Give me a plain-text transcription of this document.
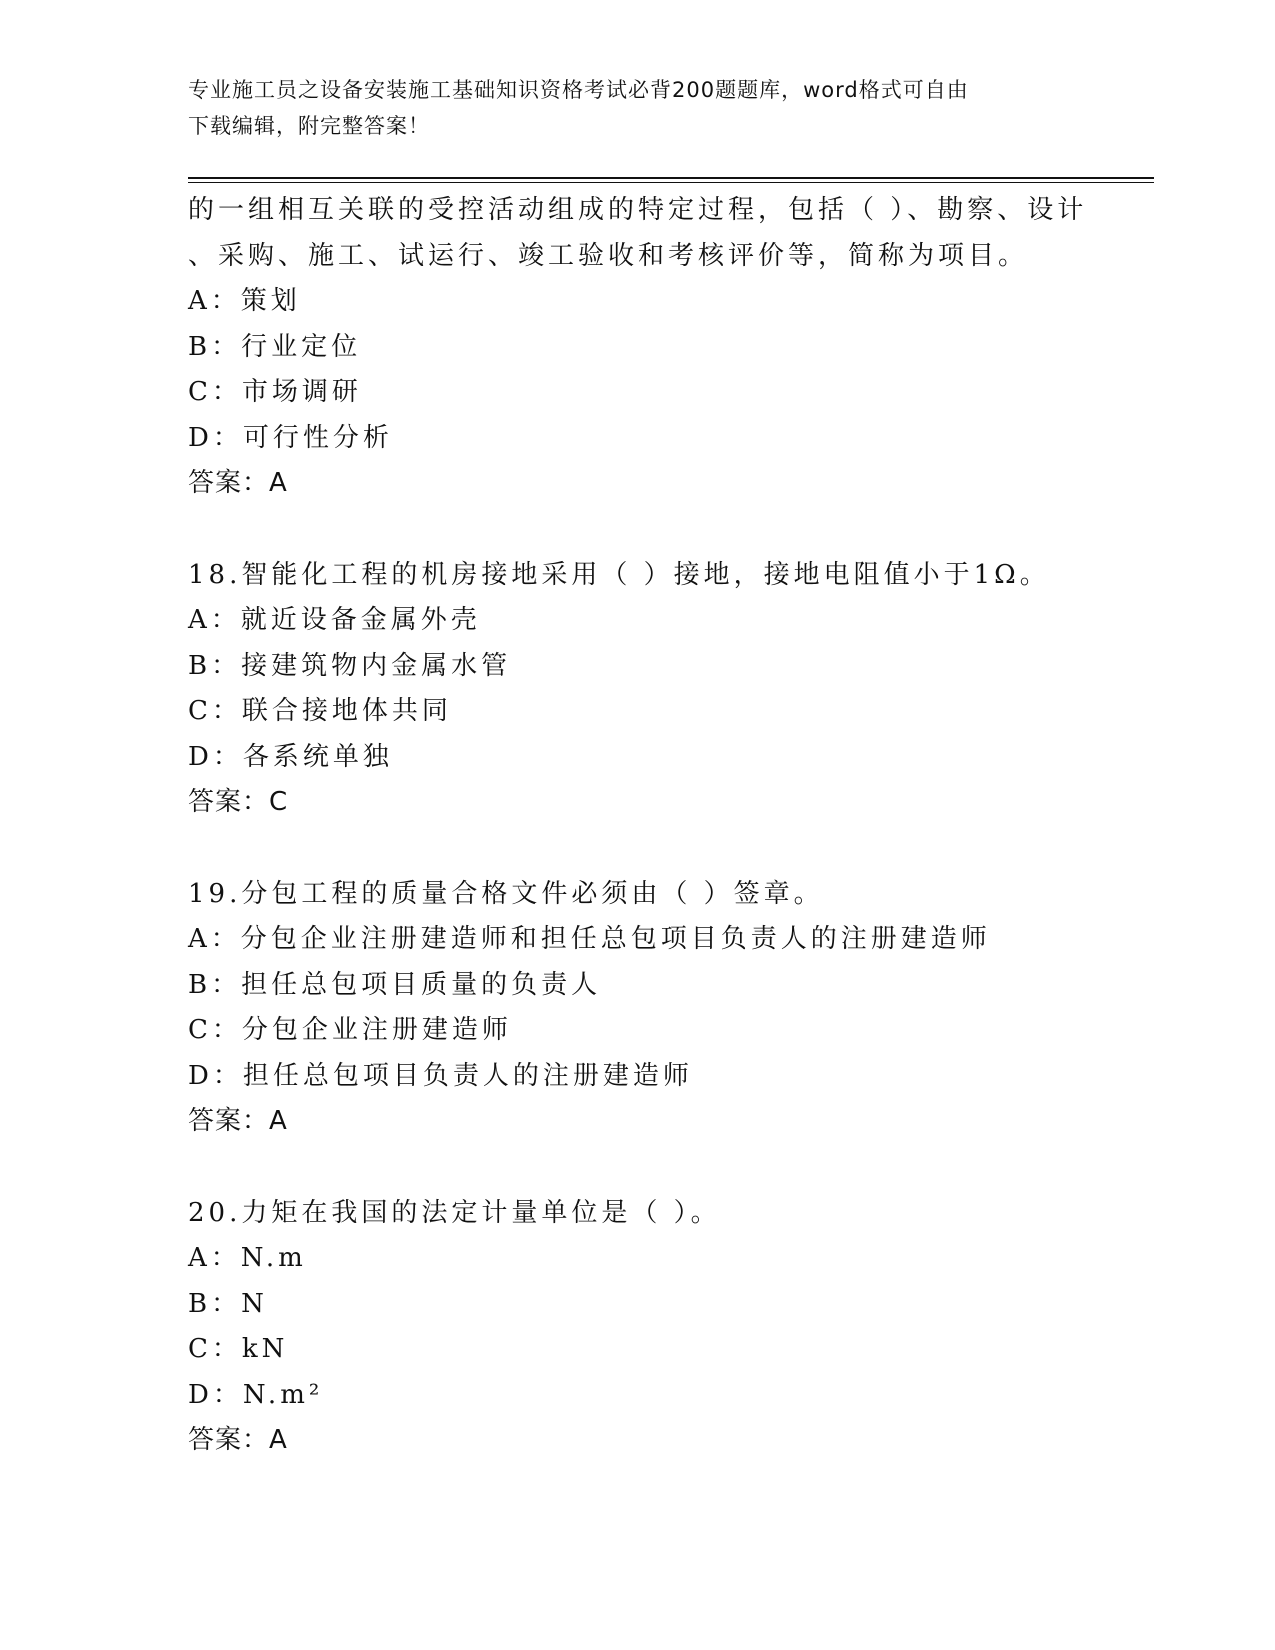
专业施工员之设备安装施工基础知识资格考试必背200题题库，word格式可自由
下载编辑，附完整答案！
的一组相互关联的受控活动组成的特定过程，包括（ ）、勘察、设计
、采购、施工、试运行、竣工验收和考核评价等，简称为项目。
A：策划
B：行业定位
C：市场调研
D：可行性分析
答案：A
18.智能化工程的机房接地采用（ ）接地，接地电阻值小于1Ω。
A：就近设备金属外壳
B：接建筑物内金属水管
C：联合接地体共同
D：各系统单独
答案：C
19.分包工程的质量合格文件必须由（ ）签章。
A：分包企业注册建造师和担任总包项目负责人的注册建造师
B：担任总包项目质量的负责人
C：分包企业注册建造师
D：担任总包项目负责人的注册建造师
答案：A
20.力矩在我国的法定计量单位是（ ）。
A：N.m
B：N
C：kN
D：N.m²
答案：A
